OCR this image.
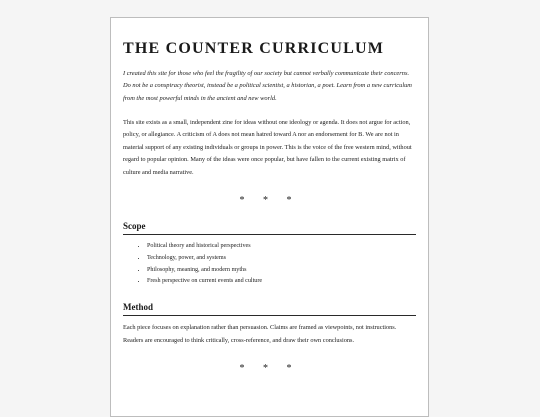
THE COUNTER CURRICULUM

I created this site for those who feel the fragility of our society but cannot verbally communicate their concerns. Do not be a conspiracy theorist, instead be a political scientist, a historian, a poet. Learn from a new curriculum from the most powerful minds in the ancient and new world.

This site exists as a small, independent zine for ideas without one ideology or agenda. It does not argue for action, policy, or allegiance. A criticism of A does not mean hatred toward A nor an endorsement for B. We are not in material support of any existing individuals or groups in power. This is the voice of the free western mind, without regard to popular opinion. Many of the ideas were once popular, but have fallen to the current existing matrix of culture and media narrative.

* * *
Scope
• Political theory and historical perspectives
• Technology, power, and systems
• Philosophy, meaning, and modern myths
• Fresh perspective on current events and culture
Method

Each piece focuses on explanation rather than persuasion. Claims are framed as viewpoints, not instructions. Readers are encouraged to think critically, cross-reference, and draw their own conclusions.

* * *
